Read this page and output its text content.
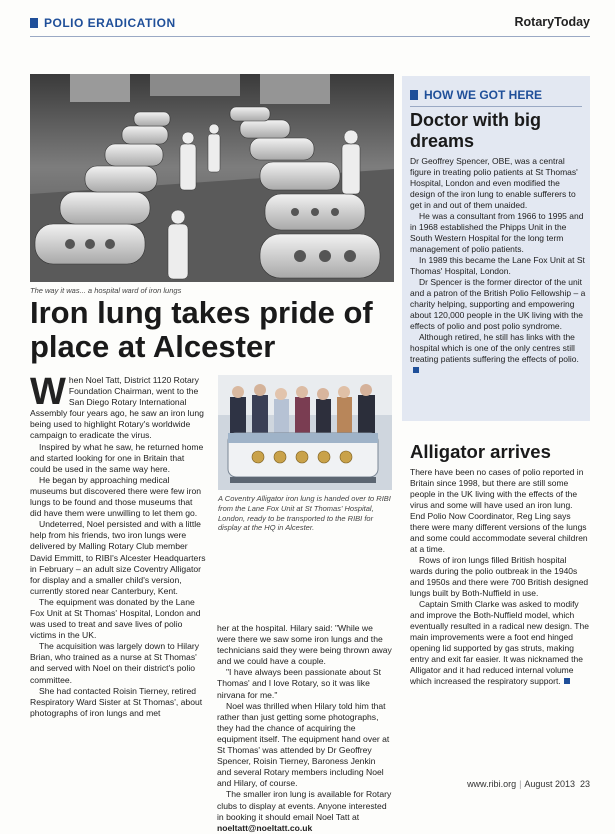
POLIO ERADICATION	RotaryToday
The way it was... a hospital ward of iron lungs
Iron lung takes pride of place at Alcester
W hen Noel Tatt, District 1120 Rotary Foundation Chairman, went to the San Diego Rotary International Assembly four years ago, he saw an iron lung being used to highlight Rotary's worldwide campaign to eradicate the virus.

Inspired by what he saw, he returned home and started looking for one in Britain that could be used in the same way here.

He began by approaching medical museums but discovered there were few iron lungs to be found and those museums that did have them were unwilling to let them go.

Undeterred, Noel persisted and with a little help from his friends, two iron lungs were delivered by Malling Rotary Club member David Emmitt, to RIBI's Alcester Headquarters in February – an adult size Coventry Alligator for display and a smaller child's version, currently stored near Canterbury, Kent.

The equipment was donated by the Lane Fox Unit at St Thomas' Hospital, London and was used to treat and save lives of polio victims in the UK.

The acquisition was largely down to Hilary Brian, who trained as a nurse at St Thomas' and served with Noel on their district's polio committee.

She had contacted Roisin Tierney, retired Respiratory Ward Sister at St Thomas', about photographs of iron lungs and met

A Coventry Alligator iron lung is handed over to RIBI from the Lane Fox Unit at St Thomas' Hospital, London, ready to be transported to the RIBI for display at the HQ in Alcester.

her at the hospital. Hilary said: "While we were there we saw some iron lungs and the technicians said they were being thrown away and we could have a couple.

"I have always been passionate about St Thomas' and I love Rotary, so it was like nirvana for me."

Noel was thrilled when Hilary told him that rather than just getting some photographs, they had the chance of acquiring the equipment itself. The equipment hand over at St Thomas' was attended by Dr Geoffrey Spencer, Roisin Tierney, Baroness Jenkin and several Rotary members including Noel and Hilary, of course.

The smaller iron lung is available for Rotary clubs to display at events. Anyone interested in booking it should email Noel Tatt at noeltatt@noeltatt.co.uk

HOW WE GOT HERE
Doctor with big dreams

Dr Geoffrey Spencer, OBE, was a central figure in treating polio patients at St Thomas' Hospital, London and even modified the design of the iron lung to enable sufferers to get in and out of them unaided.

He was a consultant from 1966 to 1995 and in 1968 established the Phipps Unit in the South Western Hospital for the long term management of polio patients.

In 1989 this became the Lane Fox Unit at St Thomas' Hospital, London.

Dr Spencer is the former director of the unit and a patron of the British Polio Fellowship – a charity helping, supporting and empowering about 120,000 people in the UK living with the effects of polio and post polio syndrome.

Although retired, he still has links with the hospital which is one of the only centres still treating patients suffering the effects of polio.

Alligator arrives

There have been no cases of polio reported in Britain since 1998, but there are still some people in the UK living with the effects of the virus and some will have used an iron lung. End Polio Now Coordinator, Reg Ling says there were many different versions of the lungs and some could accommodate several children at a time.

Rows of iron lungs filled British hospital wards during the polio outbreak in the 1940s and 1950s and there were 700 British designed lungs built by Both-Nuffield in use.

Captain Smith Clarke was asked to modify and improve the Both-Nuffield model, which eventually resulted in a radical new design. The main improvements were a foot end hinged opening lid supported by gas struts, making entry and exit far easier. It was nicknamed the Alligator and it had reduced internal volume which increased the respiratory support.

www.ribi.org | August 2013 23
